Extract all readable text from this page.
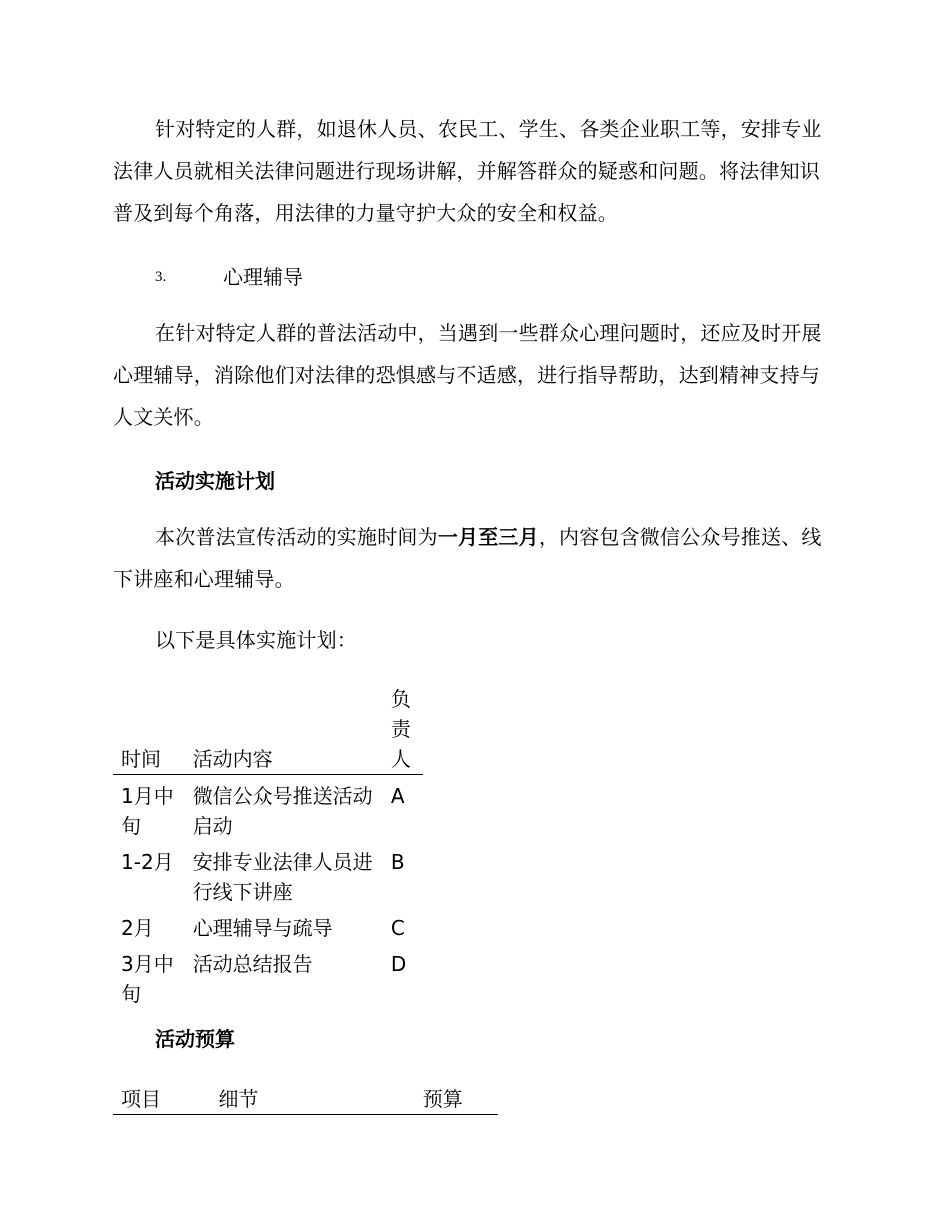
针对特定的人群，如退休人员、农民工、学生、各类企业职工等，安排专业法律人员就相关法律问题进行现场讲解，并解答群众的疑惑和问题。将法律知识普及到每个角落，用法律的力量守护大众的安全和权益。

3.	心理辅导

在针对特定人群的普法活动中，当遇到一些群众心理问题时，还应及时开展心理辅导，消除他们对法律的恐惧感与不适感，进行指导帮助，达到精神支持与人文关怀。

活动实施计划

本次普法宣传活动的实施时间为一月至三月，内容包含微信公众号推送、线下讲座和心理辅导。

以下是具体实施计划：

时间	活动内容	负责人
1月中旬	微信公众号推送活动启动	A
1-2月	安排专业法律人员进行线下讲座	B
2月	心理辅导与疏导	C
3月中旬	活动总结报告	D
活动预算
项目	细节	预算
